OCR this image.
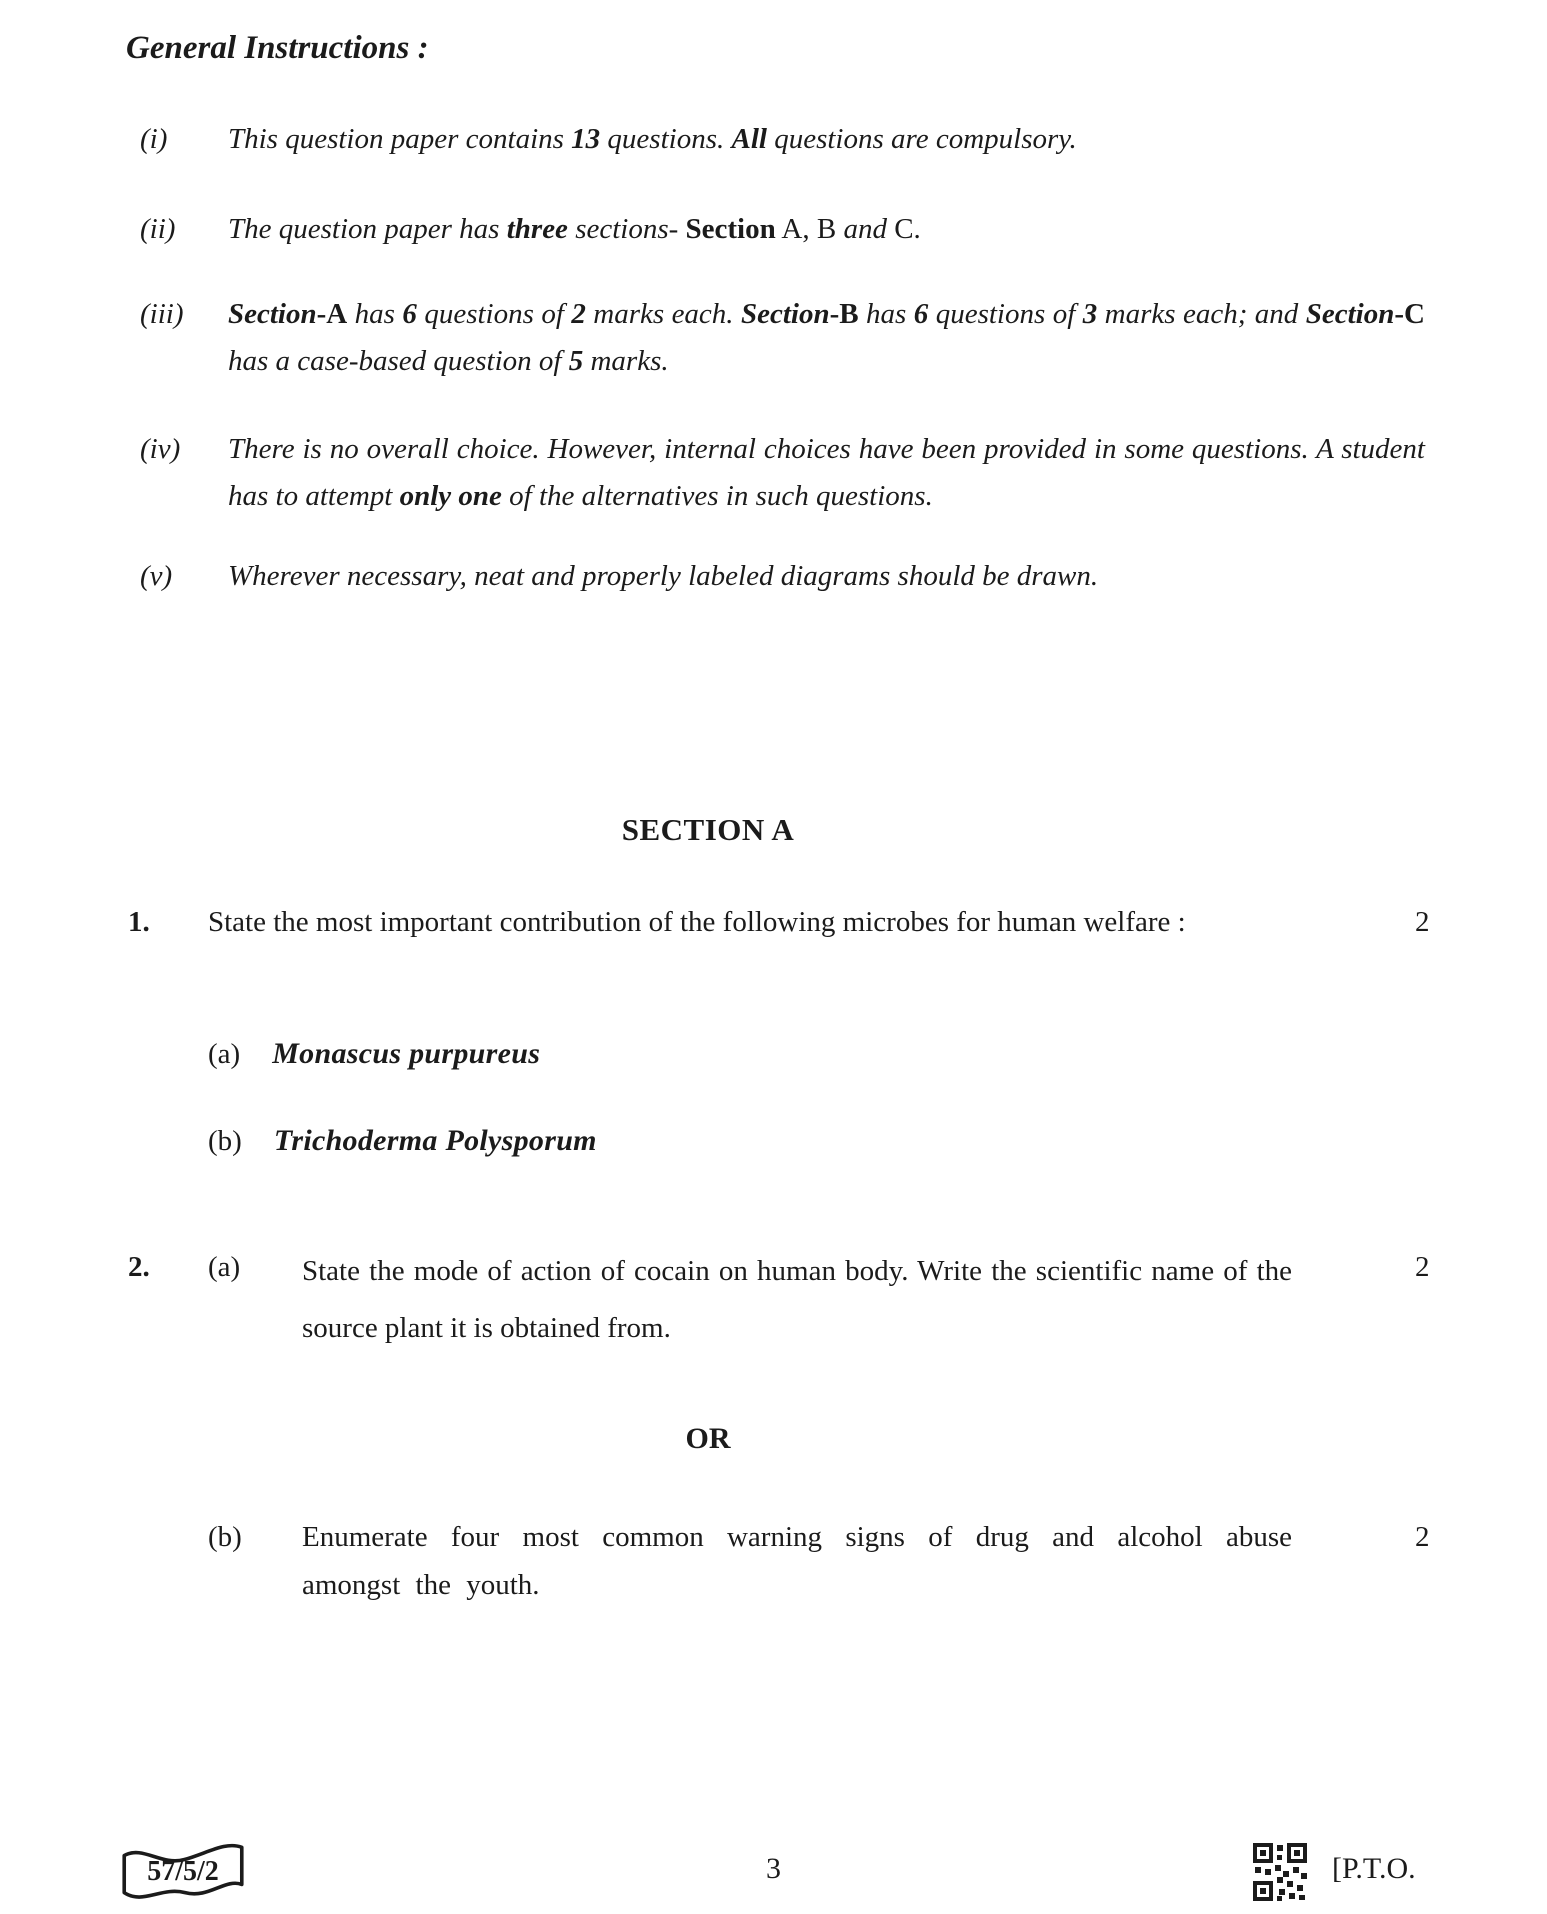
General Instructions :
(i) This question paper contains 13 questions. All questions are compulsory.
(ii) The question paper has three sections- Section A, B and C.
(iii) Section-A has 6 questions of 2 marks each. Section-B has 6 questions of 3 marks each; and Section-C has a case-based question of 5 marks.
(iv) There is no overall choice. However, internal choices have been provided in some questions. A student has to attempt only one of the alternatives in such questions.
(v) Wherever necessary, neat and properly labeled diagrams should be drawn.
SECTION A
1. State the most important contribution of the following microbes for human welfare :	2
(a) Monascus purpureus
(b) Trichoderma Polysporum
2. (a) State the mode of action of cocain on human body. Write the scientific name of the source plant it is obtained from.
2
OR
(b) Enumerate four most common warning signs of drug and alcohol abuse amongst the youth.
2
57/5/2	3	[P.T.O.
